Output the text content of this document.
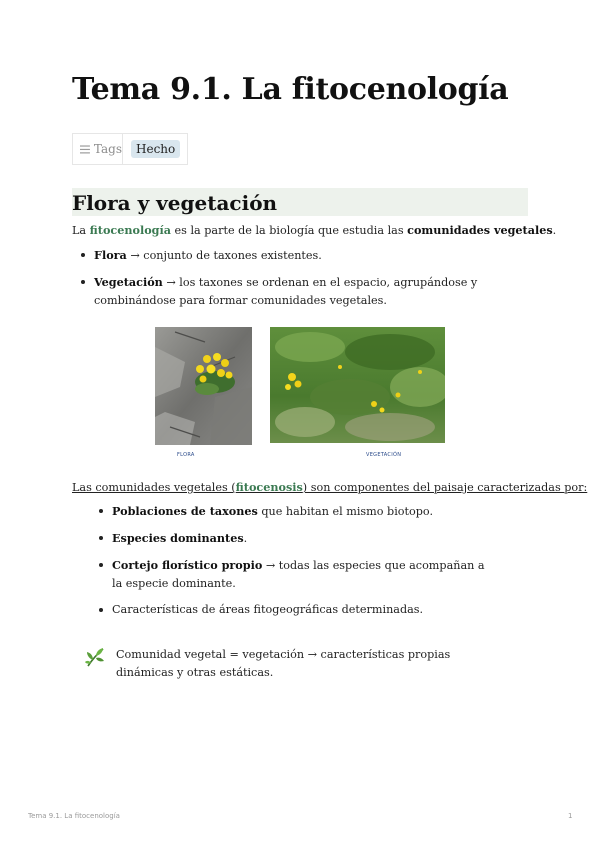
Tema 9.1. La fitocenología
Tags	Hecho
Flora y vegetación

La fitocenología es la parte de la biología que estudia las comunidades vegetales.

Flora → conjunto de taxones existentes.
Vegetación → los taxones se ordenan en el espacio, agrupándose y combinándose para formar comunidades vegetales.
FLORA	VEGETACIÓN

Las comunidades vegetales (fitocenosis) son componentes del paisaje caracterizadas por:

Poblaciones de taxones que habitan el mismo biotopo.
Especies dominantes.
Cortejo florístico propio → todas las especies que acompañan a la especie dominante.
Características de áreas fitogeográficas determinadas.
Comunidad vegetal = vegetación → características propias dinámicas y otras estáticas.
Tema 9.1. La fitocenología	1
